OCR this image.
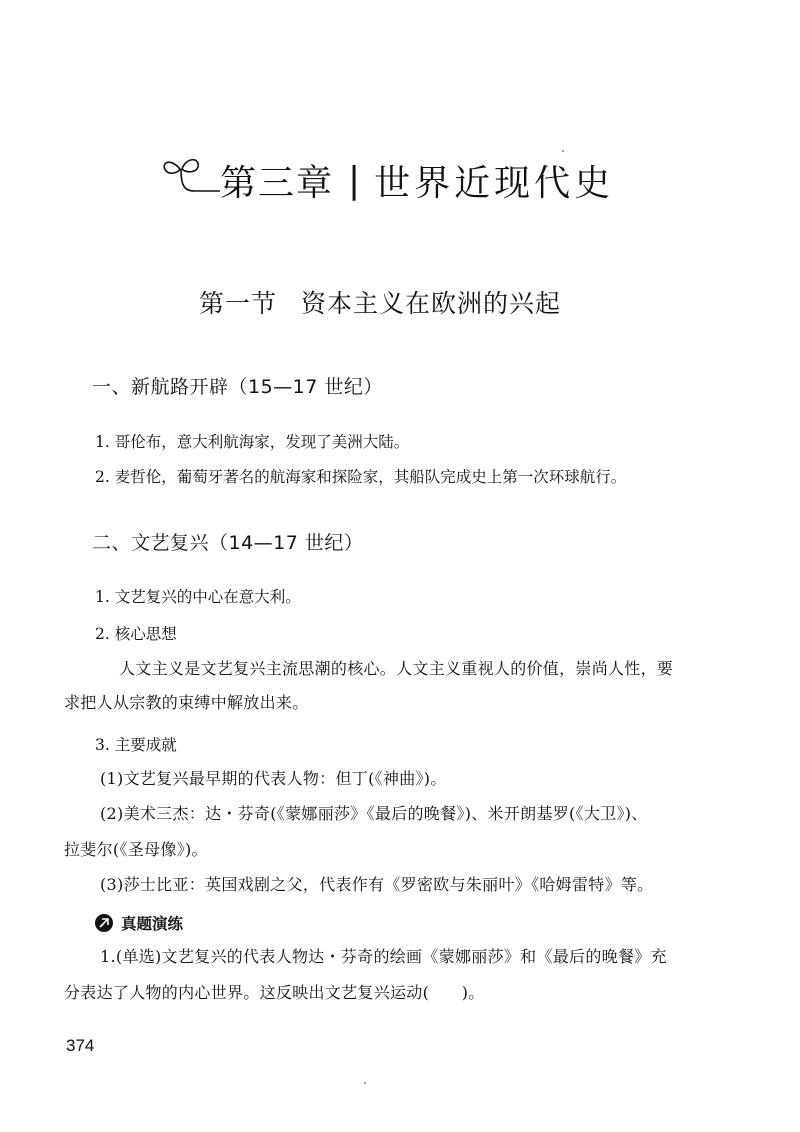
第三章 | 世界近现代史
第一节 资本主义在欧洲的兴起
一、新航路开辟（15—17 世纪）
1. 哥伦布，意大利航海家，发现了美洲大陆。
2. 麦哲伦，葡萄牙著名的航海家和探险家，其船队完成史上第一次环球航行。
二、文艺复兴（14—17 世纪）
1. 文艺复兴的中心在意大利。
2. 核心思想
人文主义是文艺复兴主流思潮的核心。人文主义重视人的价值，崇尚人性，要
求把人从宗教的束缚中解放出来。
3. 主要成就
(1)文艺复兴最早期的代表人物：但丁(《神曲》)。
(2)美术三杰：达・芬奇(《蒙娜丽莎》《最后的晚餐》)、米开朗基罗(《大卫》)、
拉斐尔(《圣母像》)。
(3)莎士比亚：英国戏剧之父，代表作有《罗密欧与朱丽叶》《哈姆雷特》等。
真题演练
1.(单选)文艺复兴的代表人物达・芬奇的绘画《蒙娜丽莎》和《最后的晚餐》充
分表达了人物的内心世界。这反映出文艺复兴运动(　　)。
374
